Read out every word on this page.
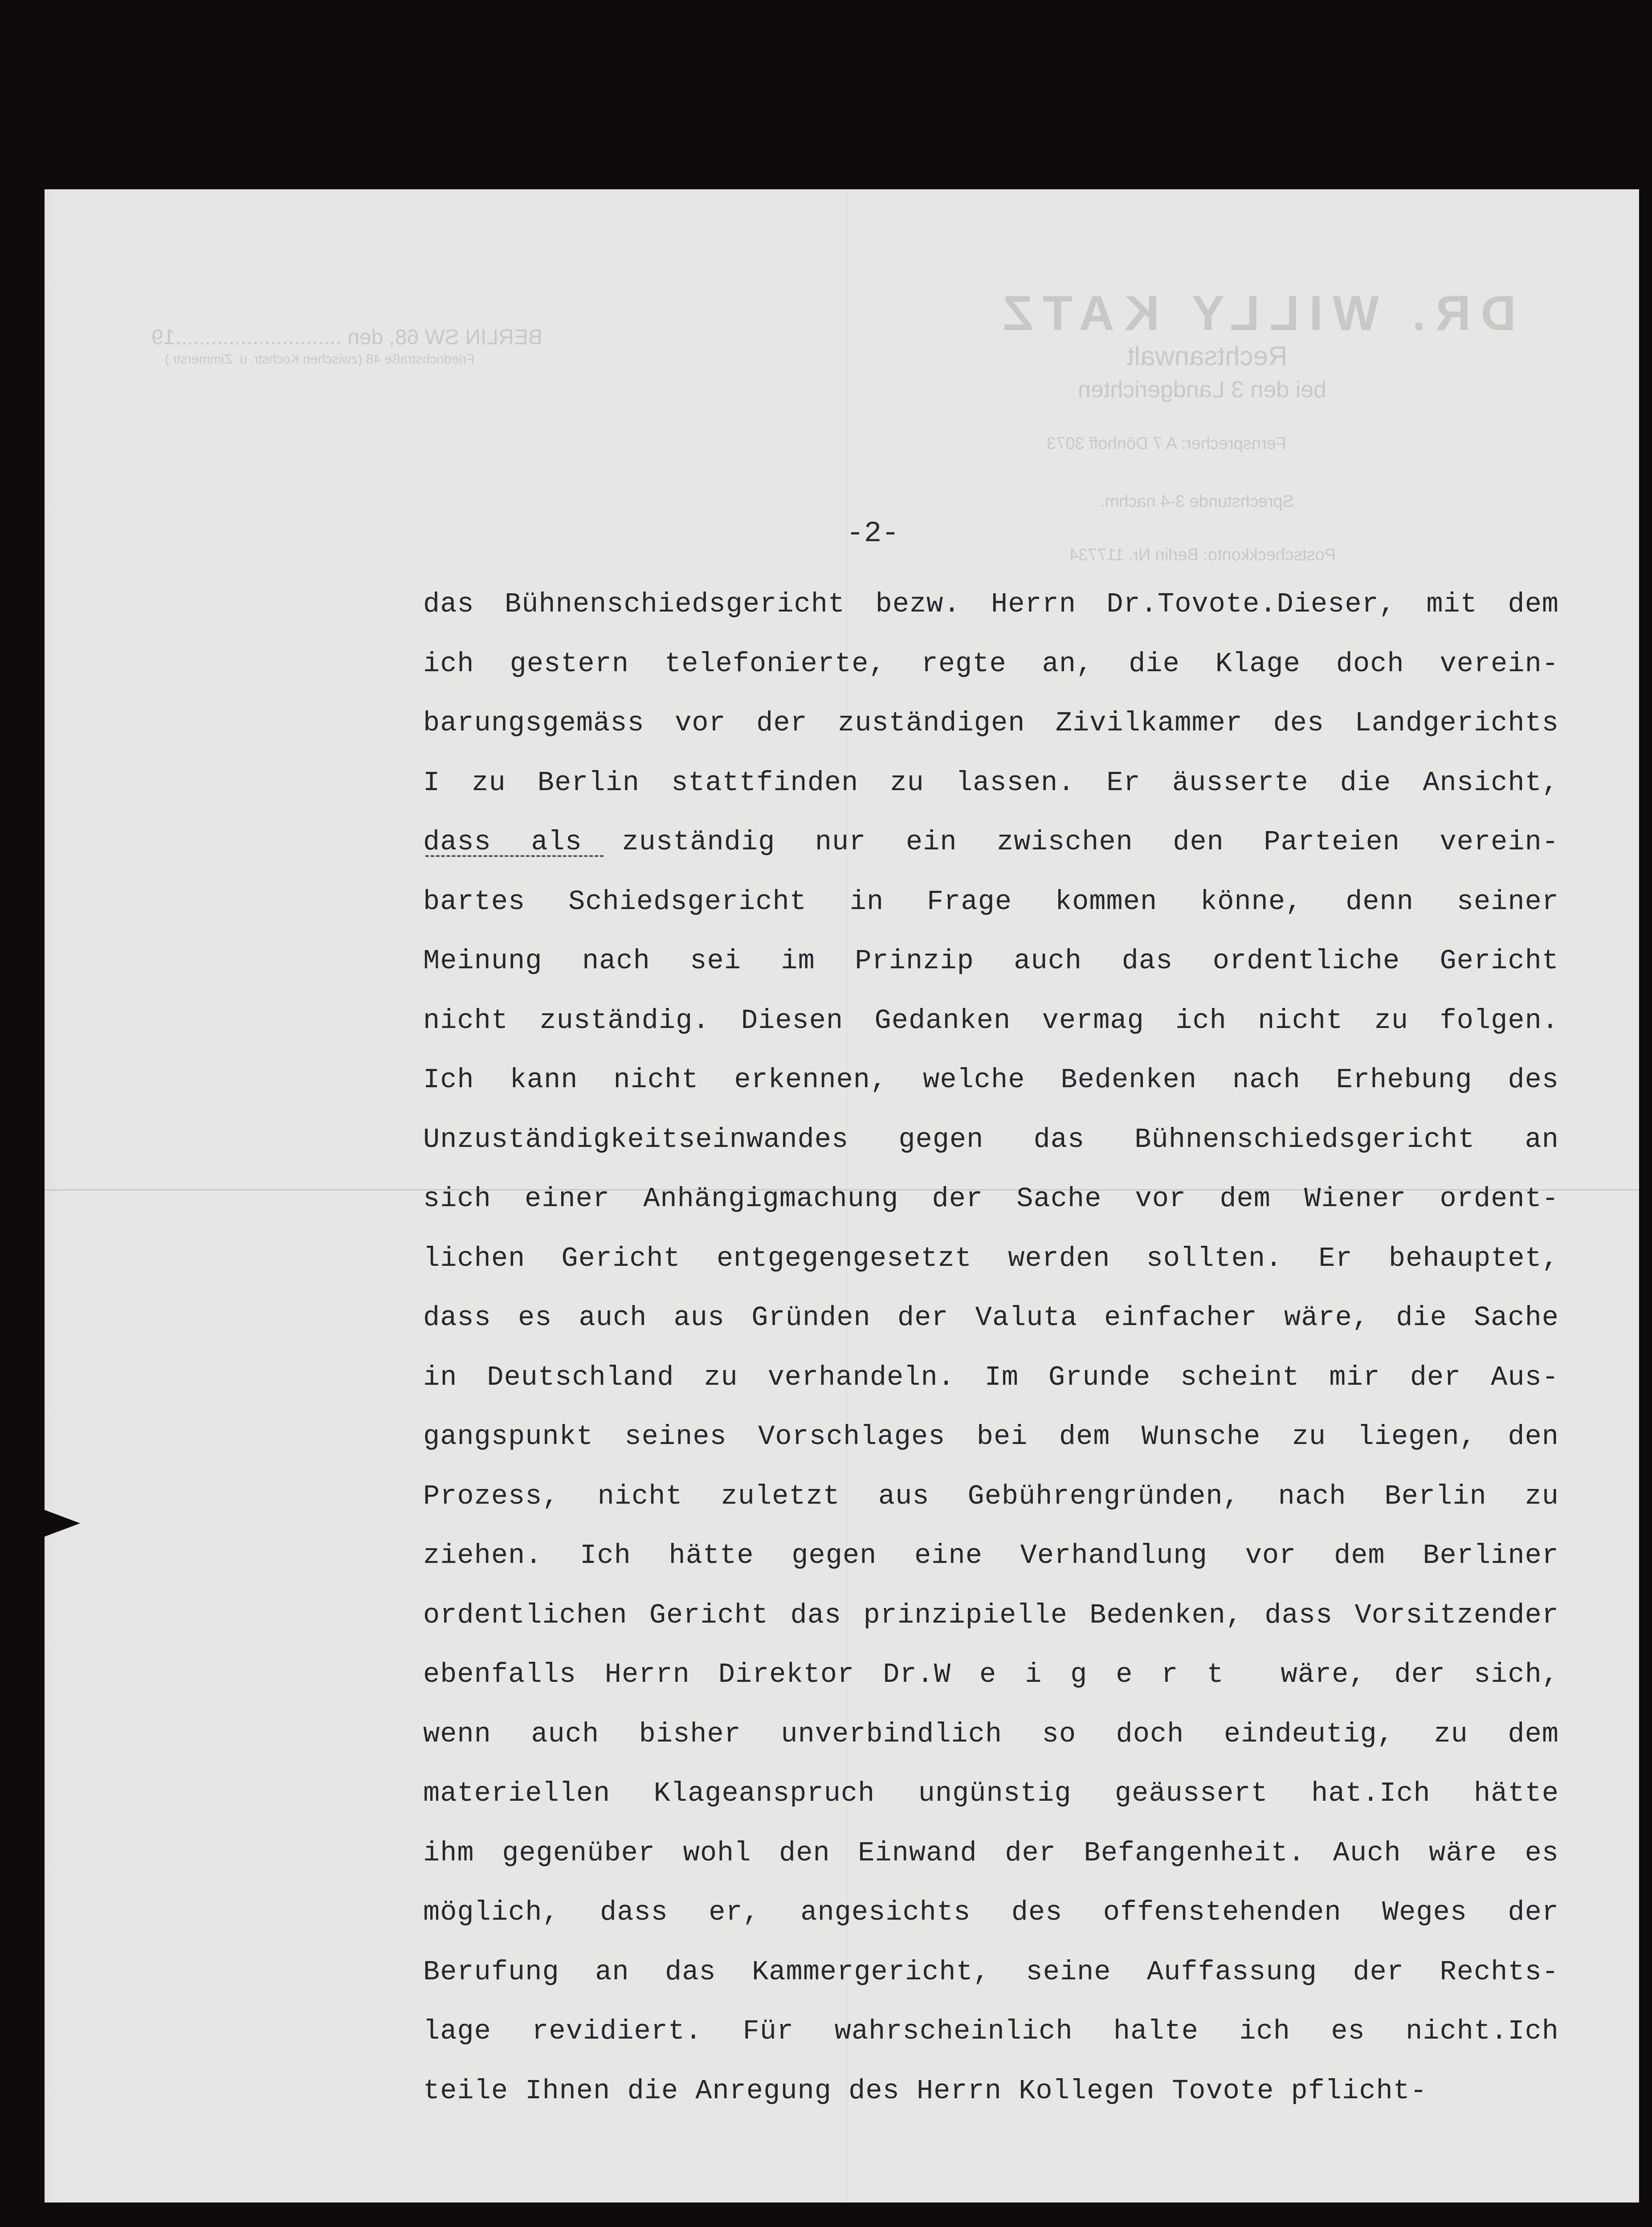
DR. WILLY KATZ
Rechtsanwalt
bei den 3 Landgerichten
Fernsprecher: A 7 Dönhoff 3073
Sprechstunde 3-4 nachm.
Postscheckkonto: Berlin Nr. 117734
BERLIN SW 68, den ............................19
Friedrichstraße 48 (zwischen Kochstr. u. Zimmerstr.)
-2-
das Bühnenschiedsgericht bezw. Herrn Dr.Tovote.Dieser, mit dem
ich gestern telefonierte, regte an, die Klage doch verein-
barungsgemäss vor der zuständigen Zivilkammer des Landgerichts
I zu Berlin stattfinden zu lassen. Er äusserte die Ansicht,
dass als zuständig nur ein zwischen den Parteien verein-
bartes Schiedsgericht in Frage kommen könne, denn seiner
Meinung nach sei im Prinzip auch das ordentliche Gericht
nicht zuständig. Diesen Gedanken vermag ich nicht zu folgen.
Ich kann nicht erkennen, welche Bedenken nach Erhebung des
Unzuständigkeitseinwandes gegen das Bühnenschiedsgericht an
sich einer Anhängigmachung der Sache vor dem Wiener ordent-
lichen Gericht entgegengesetzt werden sollten. Er behauptet,
dass es auch aus Gründen der Valuta einfacher wäre, die Sache
in Deutschland zu verhandeln. Im Grunde scheint mir der Aus-
gangspunkt seines Vorschlages bei dem Wunsche zu liegen, den
Prozess, nicht zuletzt aus Gebührengründen, nach Berlin zu
ziehen. Ich hätte gegen eine Verhandlung vor dem Berliner
ordentlichen Gericht das prinzipielle Bedenken, dass Vorsitzender
ebenfalls Herrn Direktor Dr.W e i g e r t  wäre, der sich,
wenn auch bisher unverbindlich so doch eindeutig, zu dem
materiellen Klageanspruch ungünstig geäussert hat.Ich hätte
ihm gegenüber wohl den Einwand der Befangenheit. Auch wäre es
möglich, dass er, angesichts des offenstehenden Weges der
Berufung an das Kammergericht, seine Auffassung der Rechts-
lage revidiert. Für wahrscheinlich halte ich es nicht.Ich
teile Ihnen die Anregung des Herrn Kollegen Tovote pflicht-
